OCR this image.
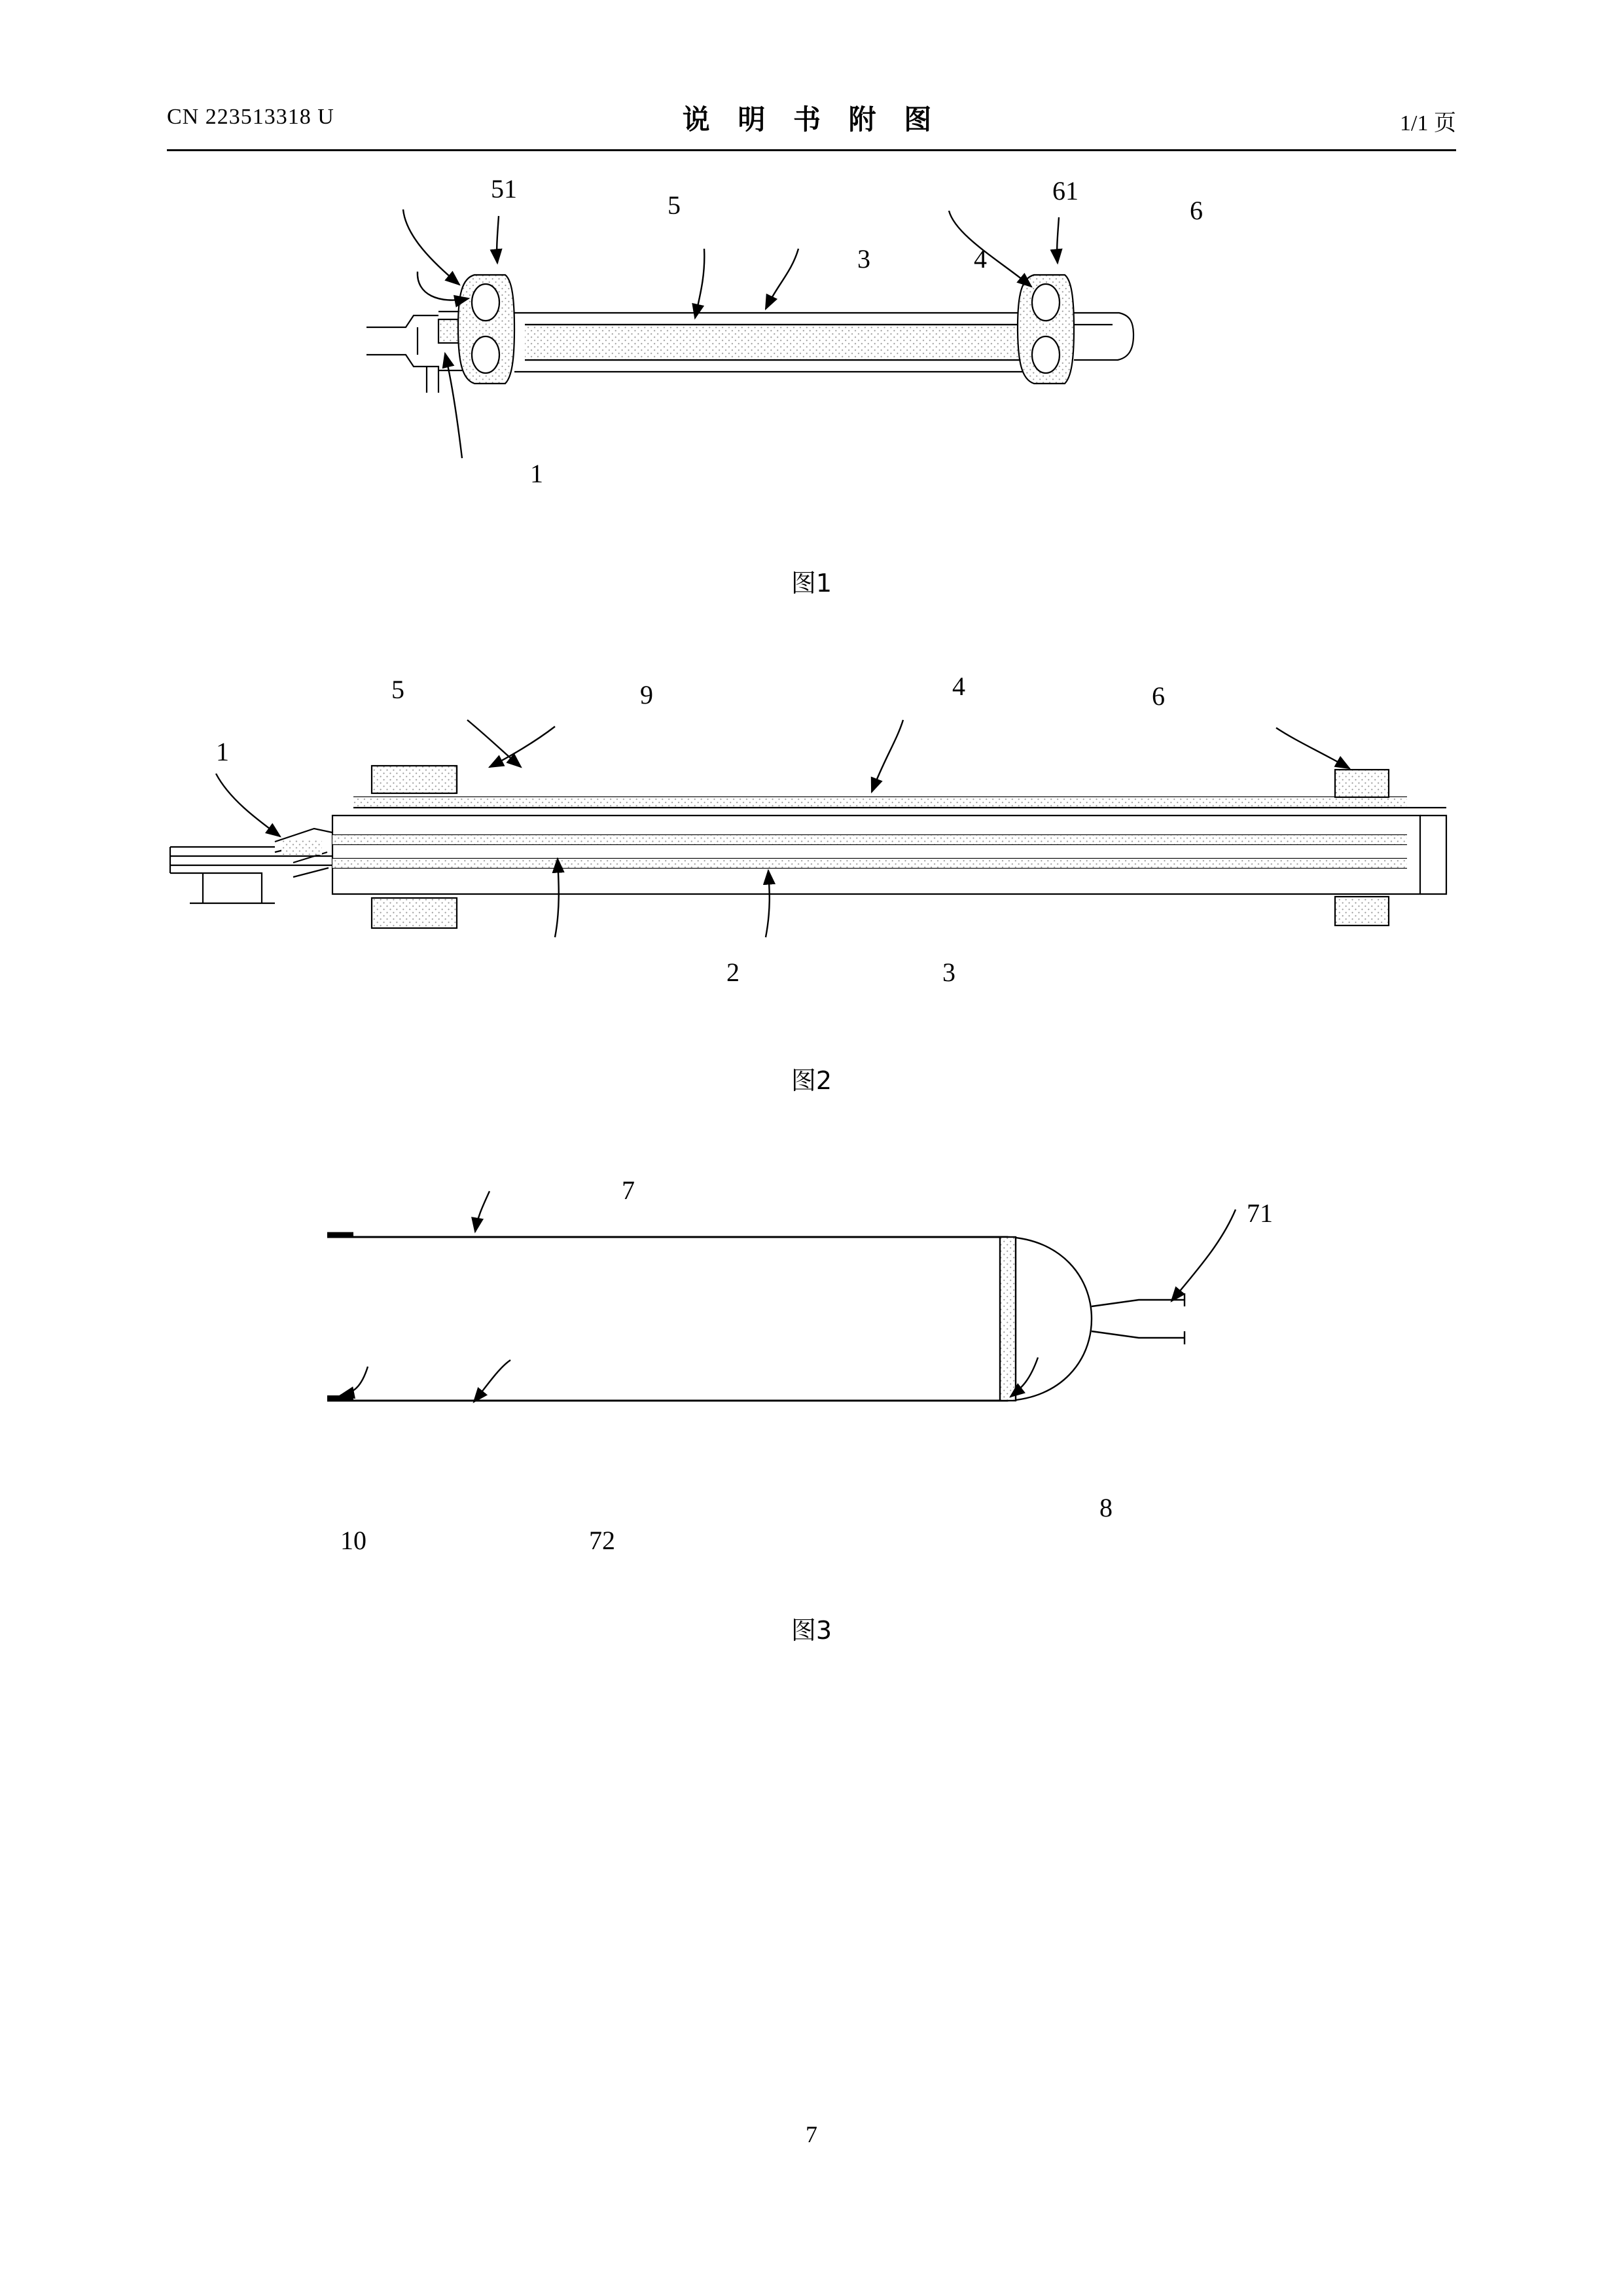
CN 223513318 U	说 明 书 附 图	1/1 页
51
5
3	4
61
6
1
图1
5	9	4	6
1
2	3
图2
7
71
10	72
8
图3
7
